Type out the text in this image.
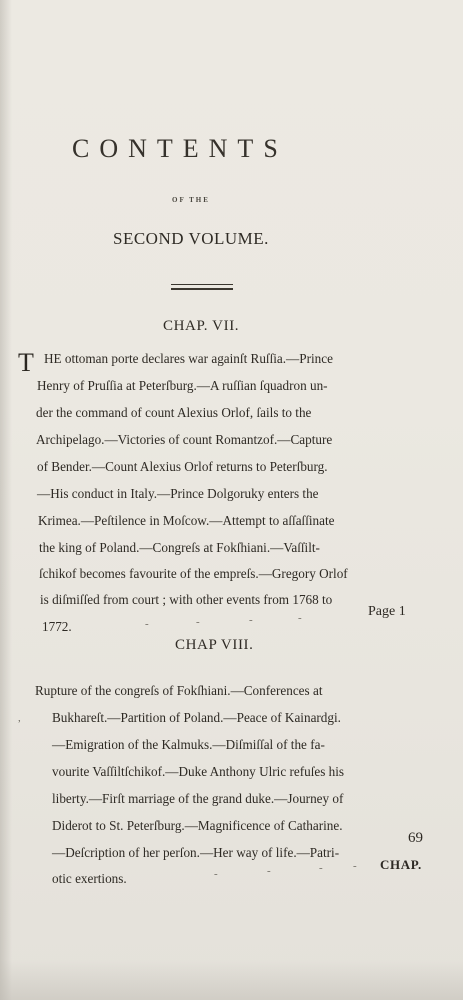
CONTENTS
OF THE
SECOND VOLUME.
CHAP. VII.
T HE ottoman porte declares war againſt Ruſſia.—Prince
Henry of Pruſſia at Peterſburg.—A ruſſian ſquadron un-
der the command of count Alexius Orlof, ſails to the
Archipelago.—Victories of count Romantzof.—Capture
of Bender.—Count Alexius Orlof returns to Peterſburg.
—His conduct in Italy.—Prince Dolgoruky enters the
Krimea.—Peſtilence in Moſcow.—Attempt to aſſaſſinate
the king of Poland.—Congreſs at Fokſhiani.—Vaſſilt-
ſchikof becomes favourite of the empreſs.—Gregory Orlof
is diſmiſſed from court ; with other events from 1768 to
1772.	-	-	-	-	Page 1
CHAP VIII.
Rupture of the congreſs of Fokſhiani.—Conferences at
Bukhareſt.—Partition of Poland.—Peace of Kainardgi.
—Emigration of the Kalmuks.—Diſmiſſal of the fa-
vourite Vaſſiltſchikof.—Duke Anthony Ulric refuſes his
liberty.—Firſt marriage of the grand duke.—Journey of
Diderot to St. Peterſburg.—Magnificence of Catharine.
—Deſcription of her perſon.—Her way of life.—Patri-
otic exertions.
,
-	-	-	-
69
CHAP.
